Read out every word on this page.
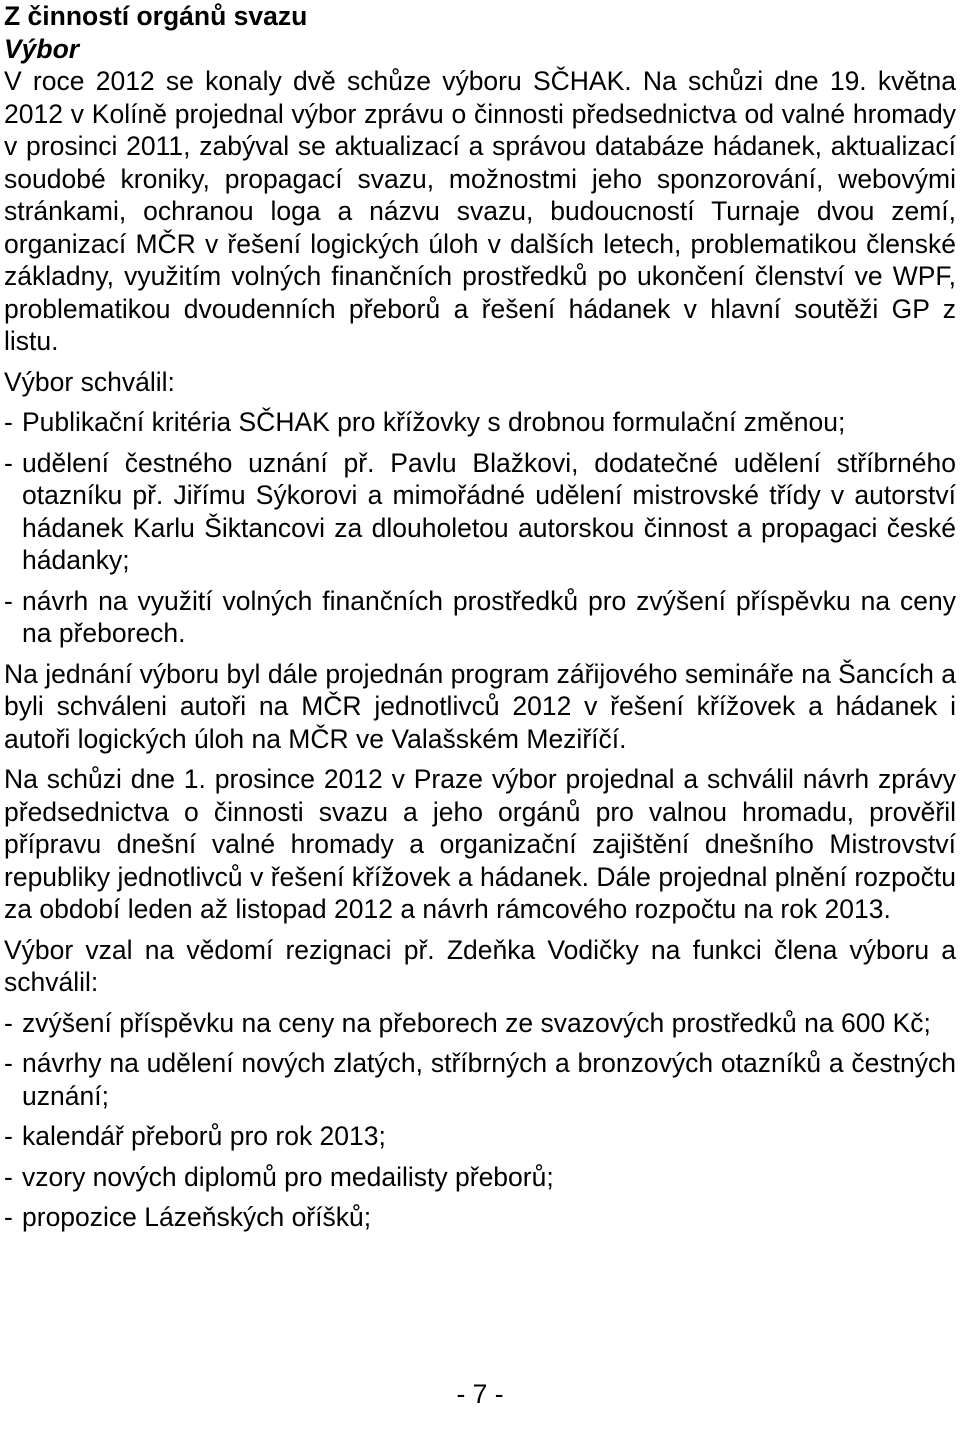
Z činností orgánů svazu
Výbor

V roce 2012 se konaly dvě schůze výboru SČHAK. Na schůzi dne 19. května 2012 v Kolíně projednal výbor zprávu o činnosti předsednictva od valné hromady v prosinci 2011, zabýval se aktualizací a správou databáze hádanek, aktualizací soudobé kroniky, propagací svazu, možnostmi jeho sponzorování, webovými stránkami, ochranou loga a názvu svazu, budoucností Turnaje dvou zemí, organizací MČR v řešení logických úloh v dalších letech, problematikou členské základny, využitím volných finančních prostředků po ukončení členství ve WPF, problematikou dvoudenních přeborů a řešení hádanek v hlavní soutěži GP z listu.

Výbor schválil:

- Publikační kritéria SČHAK pro křížovky s drobnou formulační změnou;
- udělení čestného uznání př. Pavlu Blažkovi, dodatečné udělení stříbrného otazníku př. Jiřímu Sýkorovi a mimořádné udělení mistrovské třídy v autorství hádanek Karlu Šiktancovi za dlouholetou autorskou činnost a propagaci české hádanky;
- návrh na využití volných finančních prostředků pro zvýšení příspěvku na ceny na přeborech.

Na jednání výboru byl dále projednán program zářijového semináře na Šancích a byli schváleni autoři na MČR jednotlivců 2012 v řešení křížovek a hádanek i autoři logických úloh na MČR ve Valašském Meziříčí.

Na schůzi dne 1. prosince 2012 v Praze výbor projednal a schválil návrh zprávy předsednictva o činnosti svazu a jeho orgánů pro valnou hromadu, prověřil přípravu dnešní valné hromady a organizační zajištění dnešního Mistrovství republiky jednotlivců v řešení křížovek a hádanek. Dále projednal plnění rozpočtu za období leden až listopad 2012 a návrh rámcového rozpočtu na rok 2013.

Výbor vzal na vědomí rezignaci př. Zdeňka Vodičky na funkci člena výboru a schválil:

- zvýšení příspěvku na ceny na přeborech ze svazových prostředků na 600 Kč;
- návrhy na udělení nových zlatých, stříbrných a bronzových otazníků a čestných uznání;
- kalendář přeborů pro rok 2013;
- vzory nových diplomů pro medailisty přeborů;
- propozice Lázeňských oříšků;
- 7 -
